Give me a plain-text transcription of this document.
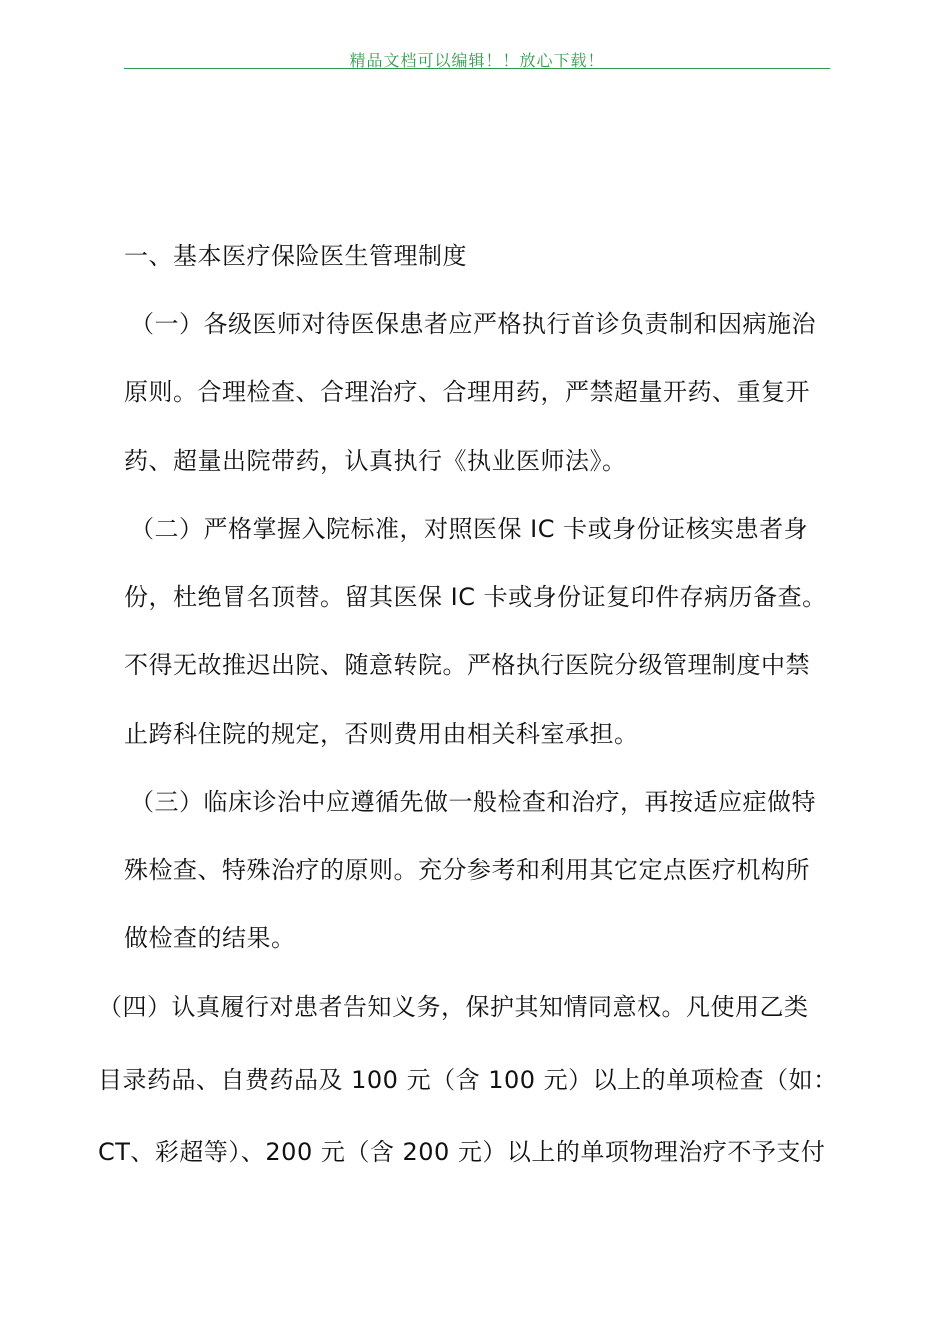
精品文档可以编辑！！放心下载！
一、基本医疗保险医生管理制度
（一）各级医师对待医保患者应严格执行首诊负责制和因病施治
原则。合理检查、合理治疗、合理用药，严禁超量开药、重复开
药、超量出院带药，认真执行《执业医师法》。
（二）严格掌握入院标准，对照医保 IC 卡或身份证核实患者身
份，杜绝冒名顶替。留其医保 IC 卡或身份证复印件存病历备查。
不得无故推迟出院、随意转院。严格执行医院分级管理制度中禁
止跨科住院的规定，否则费用由相关科室承担。
（三）临床诊治中应遵循先做一般检查和治疗，再按适应症做特
殊检查、特殊治疗的原则。充分参考和利用其它定点医疗机构所
做检查的结果。
（四）认真履行对患者告知义务，保护其知情同意权。凡使用乙类
目录药品、自费药品及 100 元（含 100 元）以上的单项检查（如：
CT、彩超等）、200 元（含 200 元）以上的单项物理治疗不予支付
